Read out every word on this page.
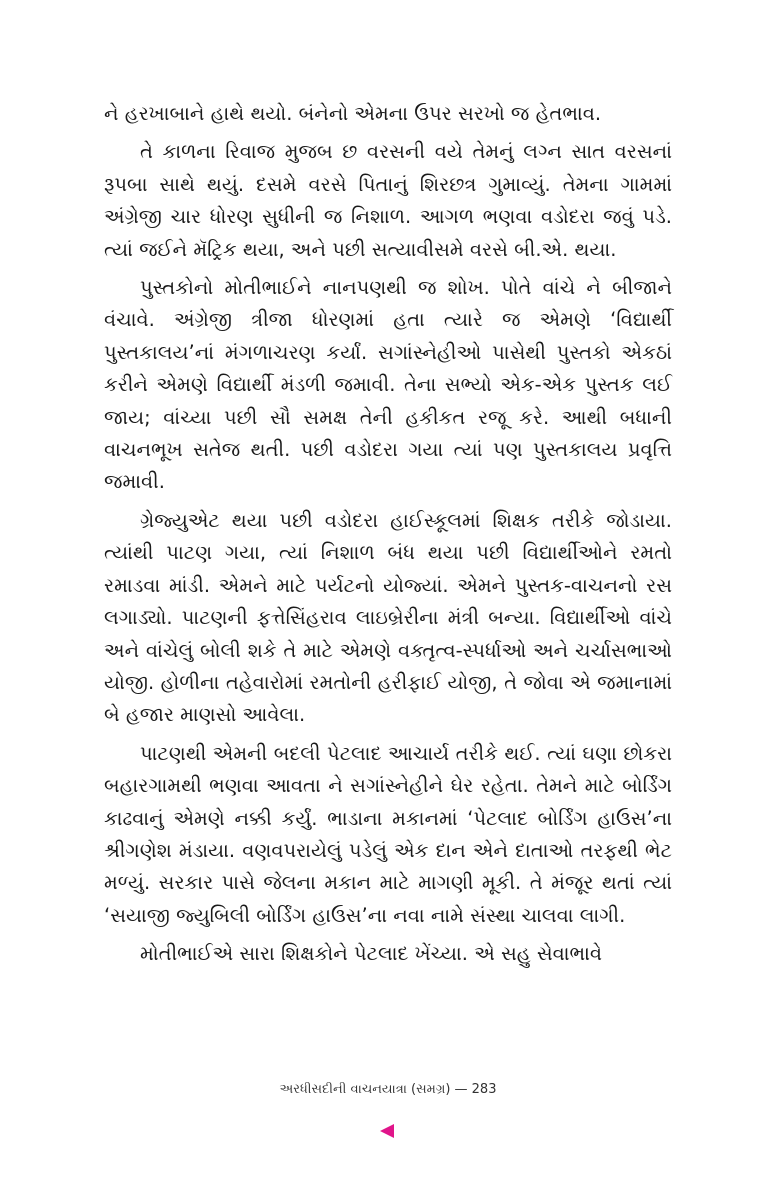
ને હરખાબાને હાથે થયો. બંનેનો એમના ઉપર સરખો જ હેતભાવ.

તે કાળના રિવાજ મુજબ છ વરસની વયે તેમનું લગ્ન સાત વરસનાં રૂપબા સાથે થયું. દસમે વરસે પિતાનું શિરછત્ર ગુમાવ્યું. તેમના ગામમાં અંગ્રેજી ચાર ધોરણ સુધીની જ નિશાળ. આગળ ભણવા વડોદરા જવું પડે. ત્યાં જઈને મૅટ્રિક થયા, અને પછી સત્યાવીસમે વરસે બી.એ. થયા.

પુસ્તકોનો મોતીભાઈને નાનપણથી જ શોખ. પોતે વાંચે ને બીજાને વંચાવે. અંગ્રેજી ત્રીજા ધોરણમાં હતા ત્યારે જ એમણે ‘વિદ્યાર્થી પુસ્તકાલય’નાં મંગળાચરણ કર્યાં. સગાંસ્નેહીઓ પાસેથી પુસ્તકો એકઠાં કરીને એમણે વિદ્યાર્થી મંડળી જમાવી. તેના સભ્યો એક-એક પુસ્તક લઈ જાય; વાંચ્યા પછી સૌ સમક્ષ તેની હકીકત રજૂ કરે. આથી બધાની વાચનભૂખ સતેજ થતી. પછી વડોદરા ગયા ત્યાં પણ પુસ્તકાલય પ્રવૃત્તિ જમાવી.

ગ્રેજ્યુએટ થયા પછી વડોદરા હાઈસ્કૂલમાં શિક્ષક તરીકે જોડાયા. ત્યાંથી પાટણ ગયા, ત્યાં નિશાળ બંધ થયા પછી વિદ્યાર્થીઓને રમતો રમાડવા માંડી. એમને માટે પર્યટનો યોજ્યાં. એમને પુસ્તક-વાચનનો રસ લગાડ્યો. પાટણની ફત્તેસિંહરાવ લાઇબ્રેરીના મંત્રી બન્યા. વિદ્યાર્થીઓ વાંચે અને વાંચેલું બોલી શકે તે માટે એમણે વક્તૃત્વ-સ્પર્ધાઓ અને ચર્ચાસભાઓ યોજી. હોળીના તહેવારોમાં રમતોની હરીફાઈ યોજી, તે જોવા એ જમાનામાં બે હજાર માણસો આવેલા.

પાટણથી એમની બદલી પેટલાદ આચાર્ય તરીકે થઈ. ત્યાં ઘણા છોકરા બહારગામથી ભણવા આવતા ને સગાંસ્નેહીને ઘેર રહેતા. તેમને માટે બોર્ડિંગ કાઢવાનું એમણે નક્કી કર્યું. ભાડાના મકાનમાં ‘પેટલાદ બોર્ડિંગ હાઉસ’ના શ્રીગણેશ મંડાયા. વણવપરાયેલું પડેલું એક દાન એને દાતાઓ તરફથી ભેટ મળ્યું. સરકાર પાસે જેલના મકાન માટે માગણી મૂકી. તે મંજૂર થતાં ત્યાં ‘સયાજી જ્યુબિલી બોર્ડિંગ હાઉસ’ના નવા નામે સંસ્થા ચાલવા લાગી.

મોતીભાઈએ સારા શિક્ષકોને પેટલાદ ખેંચ્યા. એ સહુ સેવાભાવે

અરધીસદીની વાચનયાત્રા (સમગ્ર) — 283
